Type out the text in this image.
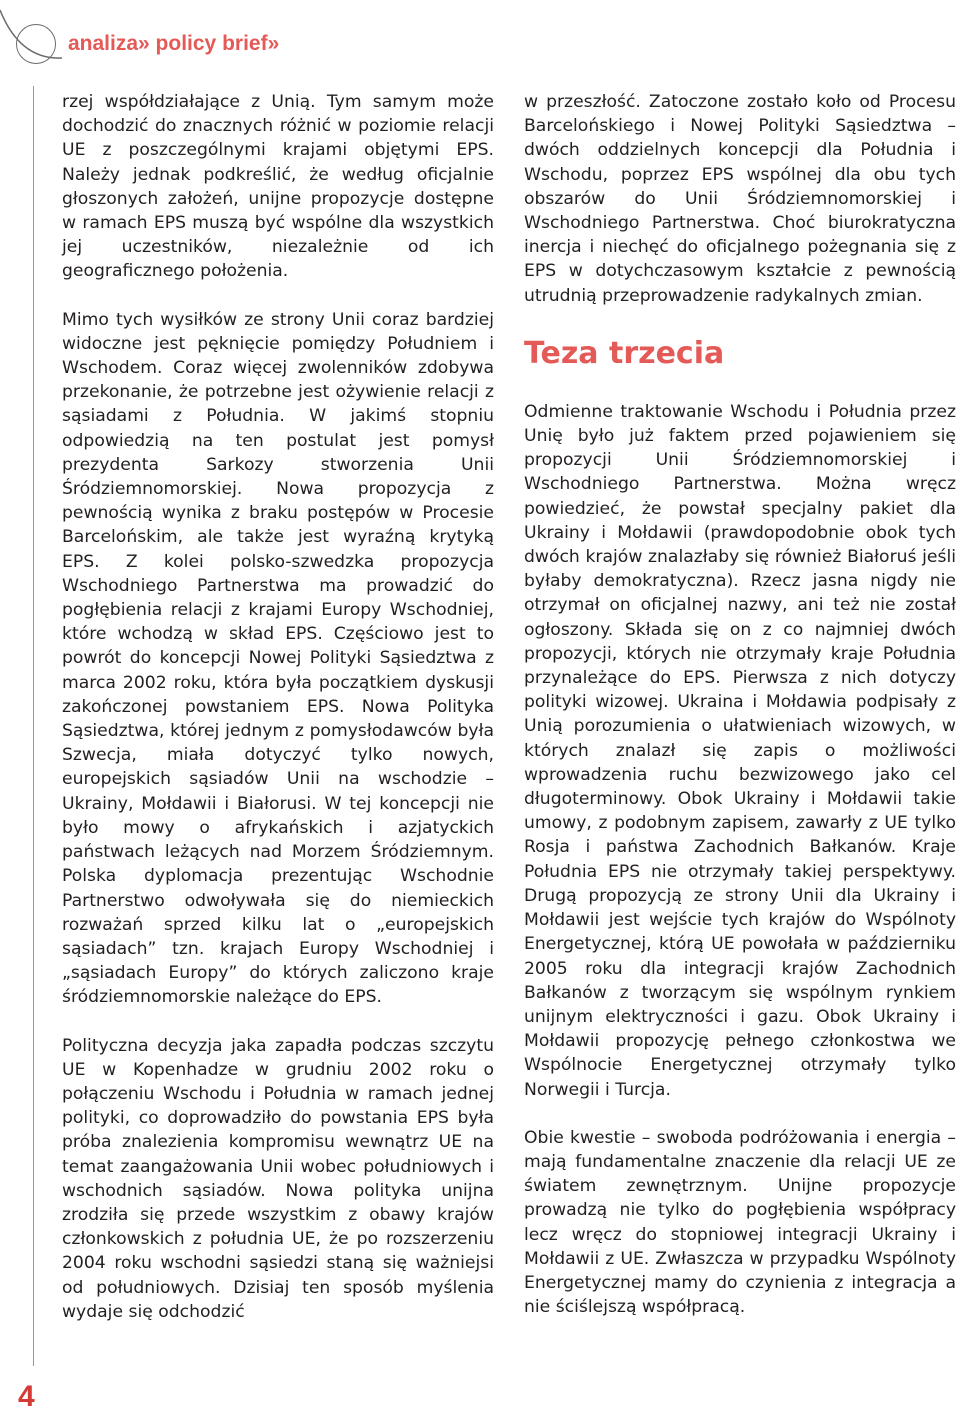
analiza» policy brief»
4

rzej współdziałające z Unią. Tym samym może dochodzić do znacznych różnić w poziomie relacji UE z poszczególnymi krajami objętymi EPS. Należy jednak podkreślić, że według oficjalnie głoszonych założeń, unijne propozycje dostępne w ramach EPS muszą być wspólne dla wszystkich jej uczestników, niezależnie od ich geograficznego położenia.

Mimo tych wysiłków ze strony Unii coraz bardziej widoczne jest pęknięcie pomiędzy Południem i Wschodem. Coraz więcej zwolenników zdobywa przekonanie, że potrzebne jest ożywienie relacji z sąsiadami z Południa. W jakimś stopniu odpowiedzią na ten postulat jest pomysł prezydenta Sarkozy stworzenia Unii Śródziemnomorskiej. Nowa propozycja z pewnością wynika z braku postępów w Procesie Barcelońskim, ale także jest wyraźną krytyką EPS. Z kolei polsko-szwedzka propozycja Wschodniego Partnerstwa ma prowadzić do pogłębienia relacji z krajami Europy Wschodniej, które wchodzą w skład EPS. Częściowo jest to powrót do koncepcji Nowej Polityki Sąsiedztwa z marca 2002 roku, która była początkiem dyskusji zakończonej powstaniem EPS. Nowa Polityka Sąsiedztwa, której jednym z pomysłodawców była Szwecja, miała dotyczyć tylko nowych, europejskich sąsiadów Unii na wschodzie – Ukrainy, Mołdawii i Białorusi. W tej koncepcji nie było mowy o afrykańskich i azjatyckich państwach leżących nad Morzem Śródziemnym. Polska dyplomacja prezentując Wschodnie Partnerstwo odwoływała się do niemieckich rozważań sprzed kilku lat o „europejskich sąsiadach” tzn. krajach Europy Wschodniej i „sąsiadach Europy” do których zaliczono kraje śródziemnomorskie należące do EPS.

Polityczna decyzja jaka zapadła podczas szczytu UE w Kopenhadze w grudniu 2002 roku o połączeniu Wschodu i Południa w ramach jednej polityki, co doprowadziło do powstania EPS była próba znalezienia kompromisu wewnątrz UE na temat zaangażowania Unii wobec południowych i wschodnich sąsiadów. Nowa polityka unijna zrodziła się przede wszystkim z obawy krajów członkowskich z południa UE, że po rozszerzeniu 2004 roku wschodni sąsiedzi staną się ważniejsi od południowych. Dzisiaj ten sposób myślenia wydaje się odchodzić

w przeszłość. Zatoczone zostało koło od Procesu Barcelońskiego i Nowej Polityki Sąsiedztwa – dwóch oddzielnych koncepcji dla Południa i Wschodu, poprzez EPS wspólnej dla obu tych obszarów do Unii Śródziemnomorskiej i Wschodniego Partnerstwa. Choć biurokratyczna inercja i niechęć do oficjalnego pożegnania się z EPS w dotychczasowym kształcie z pewnością utrudnią przeprowadzenie radykalnych zmian.

Teza trzecia

Odmienne traktowanie Wschodu i Południa przez Unię było już faktem przed pojawieniem się propozycji Unii Śródziemnomorskiej i Wschodniego Partnerstwa. Można wręcz powiedzieć, że powstał specjalny pakiet dla Ukrainy i Mołdawii (prawdopodobnie obok tych dwóch krajów znalazłaby się również Białoruś jeśli byłaby demokratyczna). Rzecz jasna nigdy nie otrzymał on oficjalnej nazwy, ani też nie został ogłoszony. Składa się on z co najmniej dwóch propozycji, których nie otrzymały kraje Południa przynależące do EPS. Pierwsza z nich dotyczy polityki wizowej. Ukraina i Mołdawia podpisały z Unią porozumienia o ułatwieniach wizowych, w których znalazł się zapis o możliwości wprowadzenia ruchu bezwizowego jako cel długoterminowy. Obok Ukrainy i Mołdawii takie umowy, z podobnym zapisem, zawarły z UE tylko Rosja i państwa Zachodnich Bałkanów. Kraje Południa EPS nie otrzymały takiej perspektywy. Drugą propozycją ze strony Unii dla Ukrainy i Mołdawii jest wejście tych krajów do Wspólnoty Energetycznej, którą UE powołała w październiku 2005 roku dla integracji krajów Zachodnich Bałkanów z tworzącym się wspólnym rynkiem unijnym elektryczności i gazu. Obok Ukrainy i Mołdawii propozycję pełnego członkostwa we Wspólnocie Energetycznej otrzymały tylko Norwegii i Turcja.

Obie kwestie – swoboda podróżowania i energia – mają fundamentalne znaczenie dla relacji UE ze światem zewnętrznym. Unijne propozycje prowadzą nie tylko do pogłębienia współpracy lecz wręcz do stopniowej integracji Ukrainy i Mołdawii z UE. Zwłaszcza w przypadku Wspólnoty Energetycznej mamy do czynienia z integracja a nie ściślejszą współpracą.
